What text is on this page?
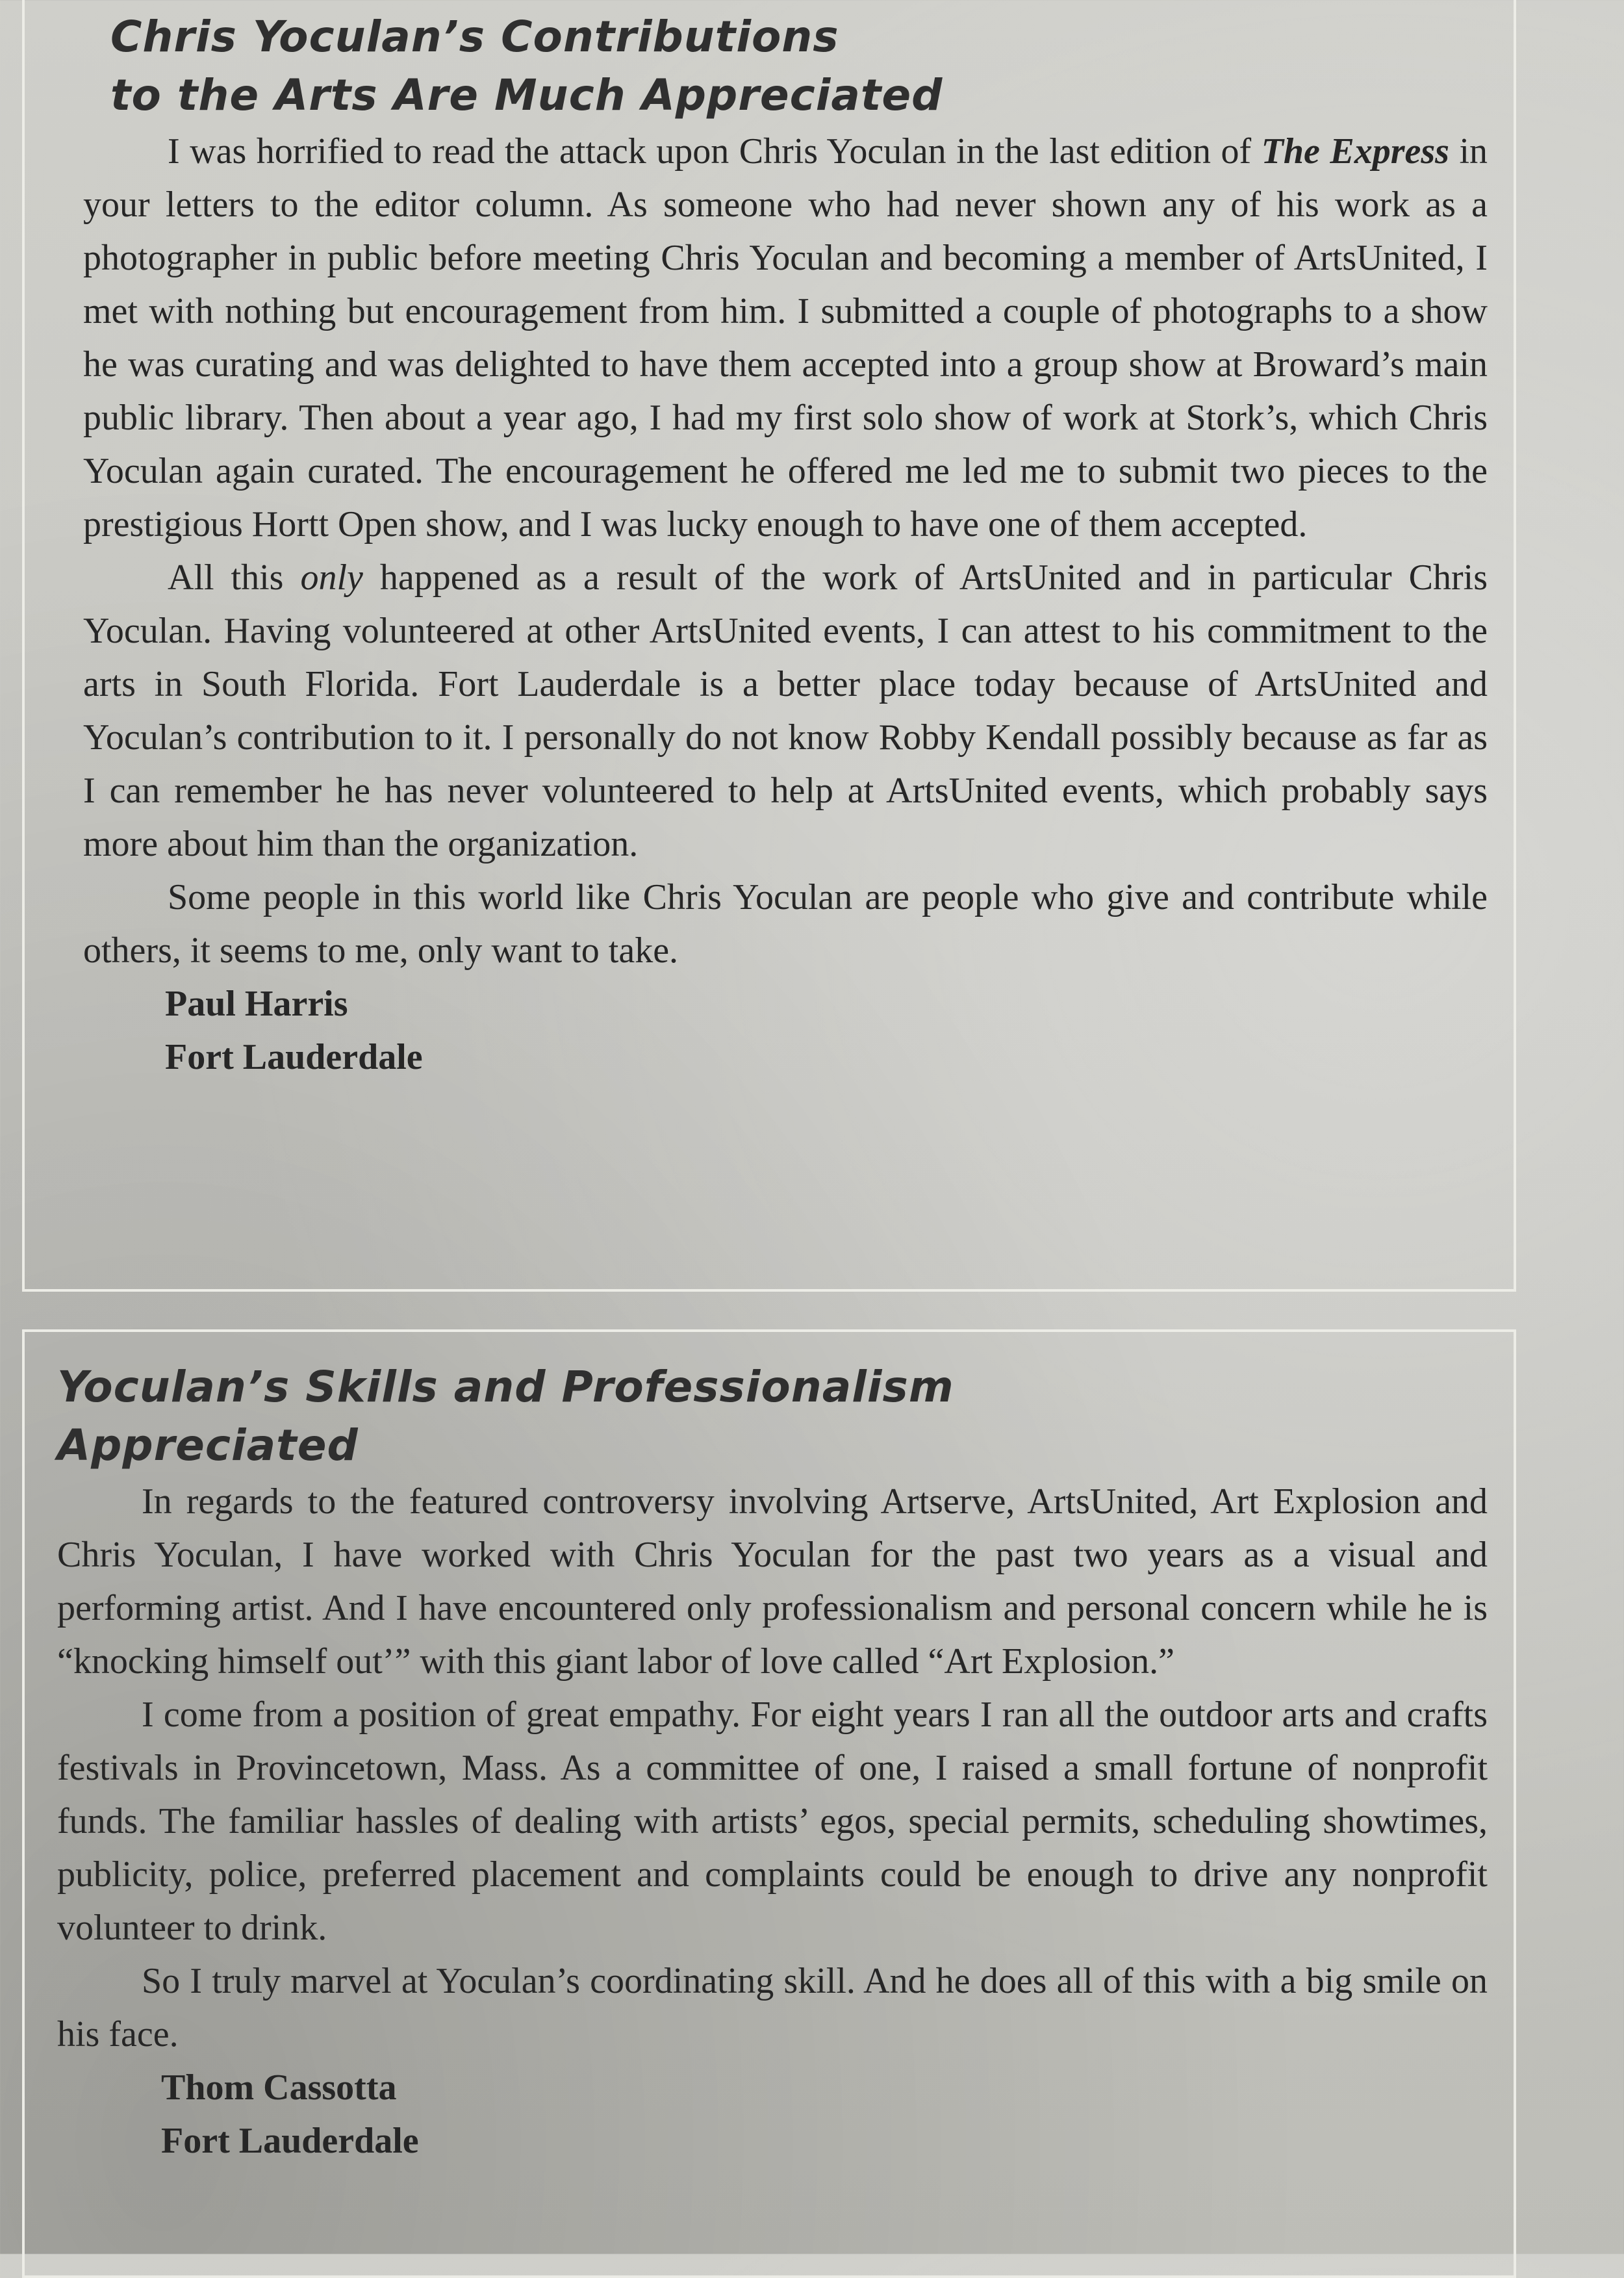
Chris Yoculan’s Contributions
to the Arts Are Much Appreciated

I was horrified to read the attack upon Chris Yoculan in the last edition of The Express in your letters to the editor column. As someone who had never shown any of his work as a photographer in public before meeting Chris Yoculan and becoming a member of ArtsUnited, I met with nothing but encouragement from him. I submitted a couple of photographs to a show he was curating and was delighted to have them accepted into a group show at Broward’s main public library. Then about a year ago, I had my first solo show of work at Stork’s, which Chris Yoculan again curated. The encouragement he offered me led me to submit two pieces to the prestigious Hortt Open show, and I was lucky enough to have one of them accepted.

All this only happened as a result of the work of ArtsUnited and in particular Chris Yoculan. Having volunteered at other ArtsUnited events, I can attest to his commitment to the arts in South Florida. Fort Lauderdale is a better place today because of ArtsUnited and Yoculan’s contribution to it. I personally do not know Robby Kendall possibly because as far as I can remember he has never volunteered to help at ArtsUnited events, which probably says more about him than the organization.

Some people in this world like Chris Yoculan are people who give and contribute while others, it seems to me, only want to take.

Paul Harris
Fort Lauderdale
Yoculan’s Skills and Professionalism
Appreciated

In regards to the featured controversy involving Artserve, ArtsUnited, Art Explosion and Chris Yoculan, I have worked with Chris Yoculan for the past two years as a visual and performing artist. And I have encountered only professionalism and personal concern while he is “knocking himself out’” with this giant labor of love called “Art Explosion.”

I come from a position of great empathy. For eight years I ran all the outdoor arts and crafts festivals in Provincetown, Mass. As a committee of one, I raised a small fortune of nonprofit funds. The familiar hassles of dealing with artists’ egos, special permits, scheduling showtimes, publicity, police, preferred placement and complaints could be enough to drive any nonprofit volunteer to drink.

So I truly marvel at Yoculan’s coordinating skill. And he does all of this with a big smile on his face.

Thom Cassotta
Fort Lauderdale
